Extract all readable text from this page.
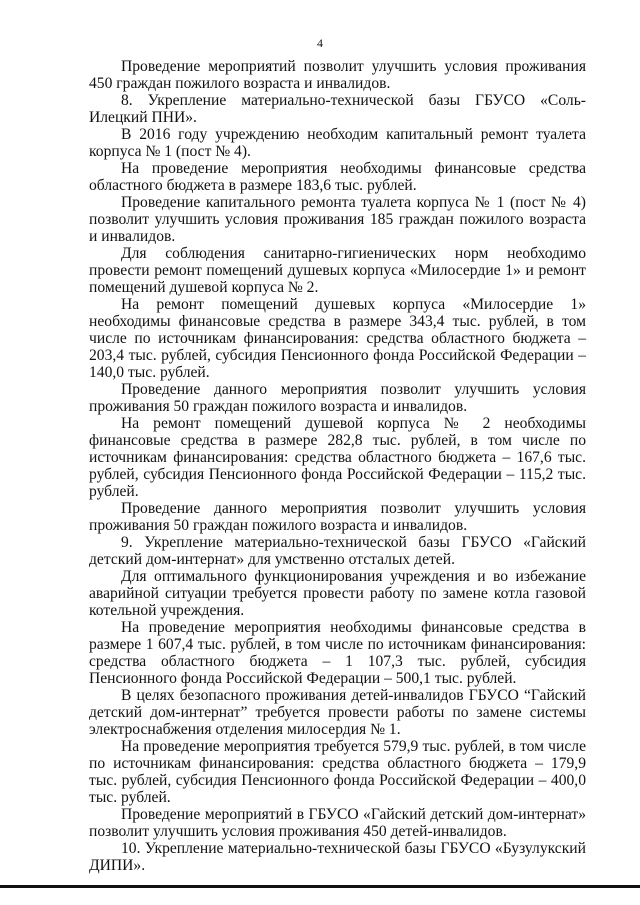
4

Проведение мероприятий позволит улучшить условия проживания 450 граждан пожилого возраста и инвалидов.

8. Укрепление материально-технической базы ГБУСО «Соль-Илецкий ПНИ».

В 2016 году учреждению необходим капитальный ремонт туалета корпуса № 1 (пост № 4).

На проведение мероприятия необходимы финансовые средства областного бюджета в размере 183,6 тыс. рублей.

Проведение капитального ремонта туалета корпуса № 1 (пост № 4) позволит улучшить условия проживания 185 граждан пожилого возраста и инвалидов.

Для соблюдения санитарно-гигиенических норм необходимо провести ремонт помещений душевых корпуса «Милосердие 1» и ремонт помещений душевой корпуса № 2.

На ремонт помещений душевых корпуса «Милосердие 1» необходимы финансовые средства в размере 343,4 тыс. рублей, в том числе по источникам финансирования: средства областного бюджета – 203,4 тыс. рублей, субсидия Пенсионного фонда Российской Федерации – 140,0 тыс. рублей.

Проведение данного мероприятия позволит улучшить условия проживания 50 граждан пожилого возраста и инвалидов.

На ремонт помещений душевой корпуса № 2 необходимы финансовые средства в размере 282,8 тыс. рублей, в том числе по источникам финансирования: средства областного бюджета – 167,6 тыс. рублей, субсидия Пенсионного фонда Российской Федерации – 115,2 тыс. рублей.

Проведение данного мероприятия позволит улучшить условия проживания 50 граждан пожилого возраста и инвалидов.

9. Укрепление материально-технической базы ГБУСО «Гайский детский дом-интернат» для умственно отсталых детей.

Для оптимального функционирования учреждения и во избежание аварийной ситуации требуется провести работу по замене котла газовой котельной учреждения.

На проведение мероприятия необходимы финансовые средства в размере 1 607,4 тыс. рублей, в том числе по источникам финансирования: средства областного бюджета – 1 107,3 тыс. рублей, субсидия Пенсионного фонда Российской Федерации – 500,1 тыс. рублей.

В целях безопасного проживания детей-инвалидов ГБУСО “Гайский детский дом-интернат” требуется провести работы по замене системы электроснабжения отделения милосердия № 1.

На проведение мероприятия требуется 579,9 тыс. рублей, в том числе по источникам финансирования: средства областного бюджета – 179,9 тыс. рублей, субсидия Пенсионного фонда Российской Федерации – 400,0 тыс. рублей.

Проведение мероприятий в ГБУСО «Гайский детский дом-интернат» позволит улучшить условия проживания 450 детей-инвалидов.

10. Укрепление материально-технической базы ГБУСО «Бузулукский ДИПИ».
